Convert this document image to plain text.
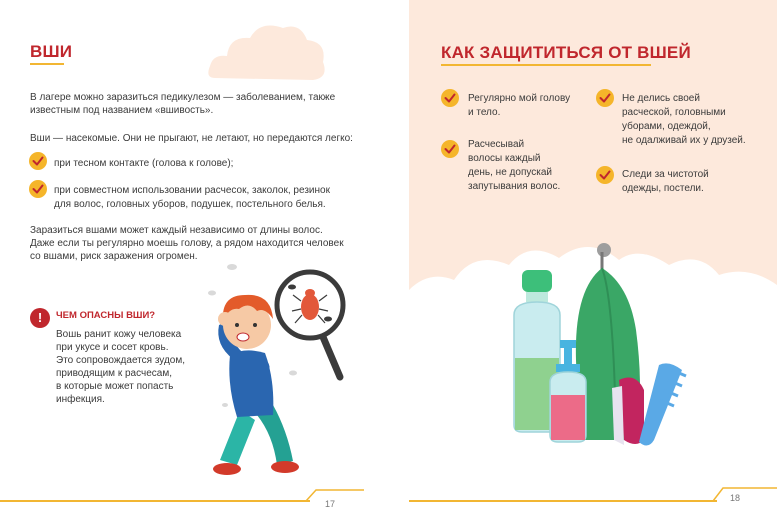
ВШИ
В лагере можно заразиться педикулезом — заболеванием, также
известным под названием «вшивость».
Вши — насекомые. Они не прыгают, не летают, но передаются легко:
при тесном контакте (голова к голове);
при совместном использовании расчесок, заколок, резинок
для волос, головных уборов, подушек, постельного белья.
Заразиться вшами может каждый независимо от длины волос.
Даже если ты регулярно моешь голову, а рядом находится человек
со вшами, риск заражения огромен.
!	ЧЕМ ОПАСНЫ ВШИ?
Вошь ранит кожу человека
при укусе и сосет кровь.
Это сопровождается зудом,
приводящим к расчесам,
в которые может попасть
инфекция.
17
КАК ЗАЩИТИТЬСЯ ОТ ВШЕЙ
Регулярно мой голову
и тело.
Расчесывай
волосы каждый
день, не допускай
запутывания волос.
Не делись своей
расческой, головными
уборами, одеждой,
не одалживай их у друзей.
Следи за чистотой
одежды, постели.
18
